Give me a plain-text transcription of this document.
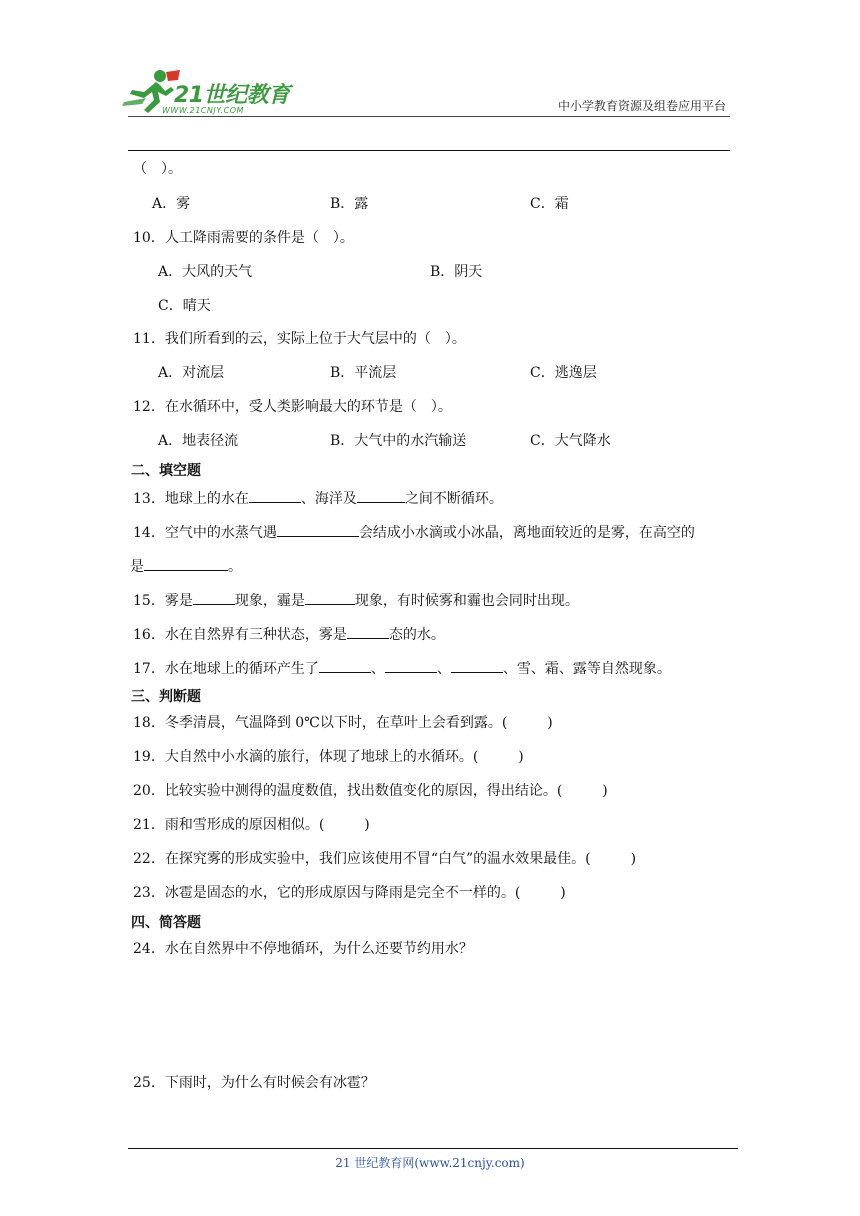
21世纪教育
WWW.21CNJY.COM	中小学教育资源及组卷应用平台
（　）。
A．雾	B．露	C．霜
10．人工降雨需要的条件是（　）。
A．大风的天气	B．阴天
C．晴天
11．我们所看到的云，实际上位于大气层中的（　）。
A．对流层	B．平流层	C．逃逸层
12．在水循环中，受人类影响最大的环节是（　）。
A．地表径流	B．大气中的水汽输送	C．大气降水
二、填空题
13．地球上的水在	、海洋及	之间不断循环。
14．空气中的水蒸气遇	会结成小水滴或小冰晶，离地面较近的是雾，在高空的
是	。
15．雾是	现象，霾是	现象，有时候雾和霾也会同时出现。
16．水在自然界有三种状态，雾是	态的水。
17．水在地球上的循环产生了	、	、	、雪、霜、露等自然现象。
三、判断题
18．冬季清晨，气温降到 0℃以下时，在草叶上会看到露。(	)
19．大自然中小水滴的旅行，体现了地球上的水循环。(	)
20．比较实验中测得的温度数值，找出数值变化的原因，得出结论。(	)
21．雨和雪形成的原因相似。(	)
22．在探究雾的形成实验中，我们应该使用不冒“白气”的温水效果最佳。(	)
23．冰雹是固态的水，它的形成原因与降雨是完全不一样的。(	)
四、简答题
24．水在自然界中不停地循环，为什么还要节约用水？
25．下雨时，为什么有时候会有冰雹？
21 世纪教育网(www.21cnjy.com)
